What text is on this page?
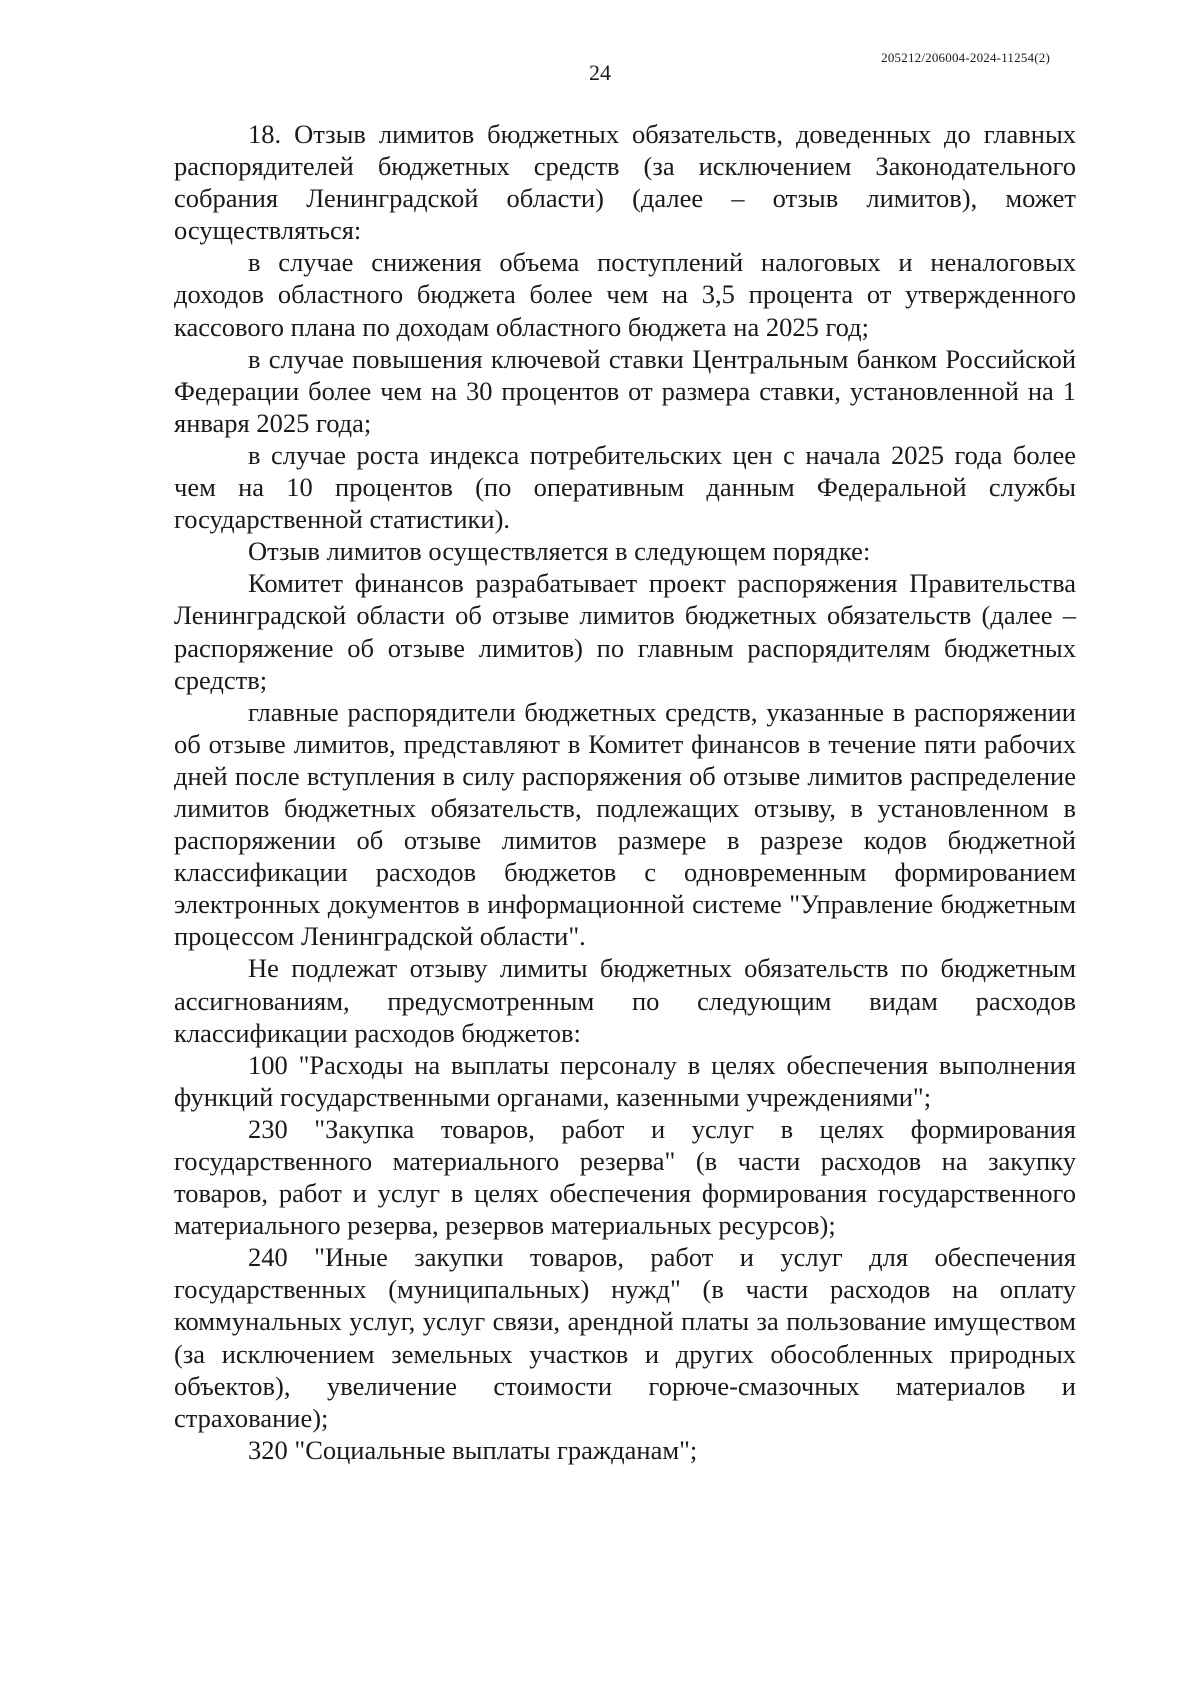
205212/206004-2024-11254(2)
24

18. Отзыв лимитов бюджетных обязательств, доведенных до главных распорядителей бюджетных средств (за исключением Законодательного собрания Ленинградской области) (далее – отзыв лимитов), может осуществляться:

в случае снижения объема поступлений налоговых и неналоговых доходов областного бюджета более чем на 3,5 процента от утвержденного кассового плана по доходам областного бюджета на 2025 год;

в случае повышения ключевой ставки Центральным банком Российской Федерации более чем на 30 процентов от размера ставки, установленной на 1 января 2025 года;

в случае роста индекса потребительских цен с начала 2025 года более чем на 10 процентов (по оперативным данным Федеральной службы государственной статистики).

Отзыв лимитов осуществляется в следующем порядке:

Комитет финансов разрабатывает проект распоряжения Правительства Ленинградской области об отзыве лимитов бюджетных обязательств (далее – распоряжение об отзыве лимитов) по главным распорядителям бюджетных средств;

главные распорядители бюджетных средств, указанные в распоряжении об отзыве лимитов, представляют в Комитет финансов в течение пяти рабочих дней после вступления в силу распоряжения об отзыве лимитов распределение лимитов бюджетных обязательств, подлежащих отзыву, в установленном в распоряжении об отзыве лимитов размере в разрезе кодов бюджетной классификации расходов бюджетов с одновременным формированием электронных документов в информационной системе "Управление бюджетным процессом Ленинградской области".

Не подлежат отзыву лимиты бюджетных обязательств по бюджетным ассигнованиям, предусмотренным по следующим видам расходов классификации расходов бюджетов:

100 "Расходы на выплаты персоналу в целях обеспечения выполнения функций государственными органами, казенными учреждениями";

230 "Закупка товаров, работ и услуг в целях формирования государственного материального резерва" (в части расходов на закупку товаров, работ и услуг в целях обеспечения формирования государственного материального резерва, резервов материальных ресурсов);

240 "Иные закупки товаров, работ и услуг для обеспечения государственных (муниципальных) нужд" (в части расходов на оплату коммунальных услуг, услуг связи, арендной платы за пользование имуществом (за исключением земельных участков и других обособленных природных объектов), увеличение стоимости горюче-смазочных материалов и страхование);

320 "Социальные выплаты гражданам";
